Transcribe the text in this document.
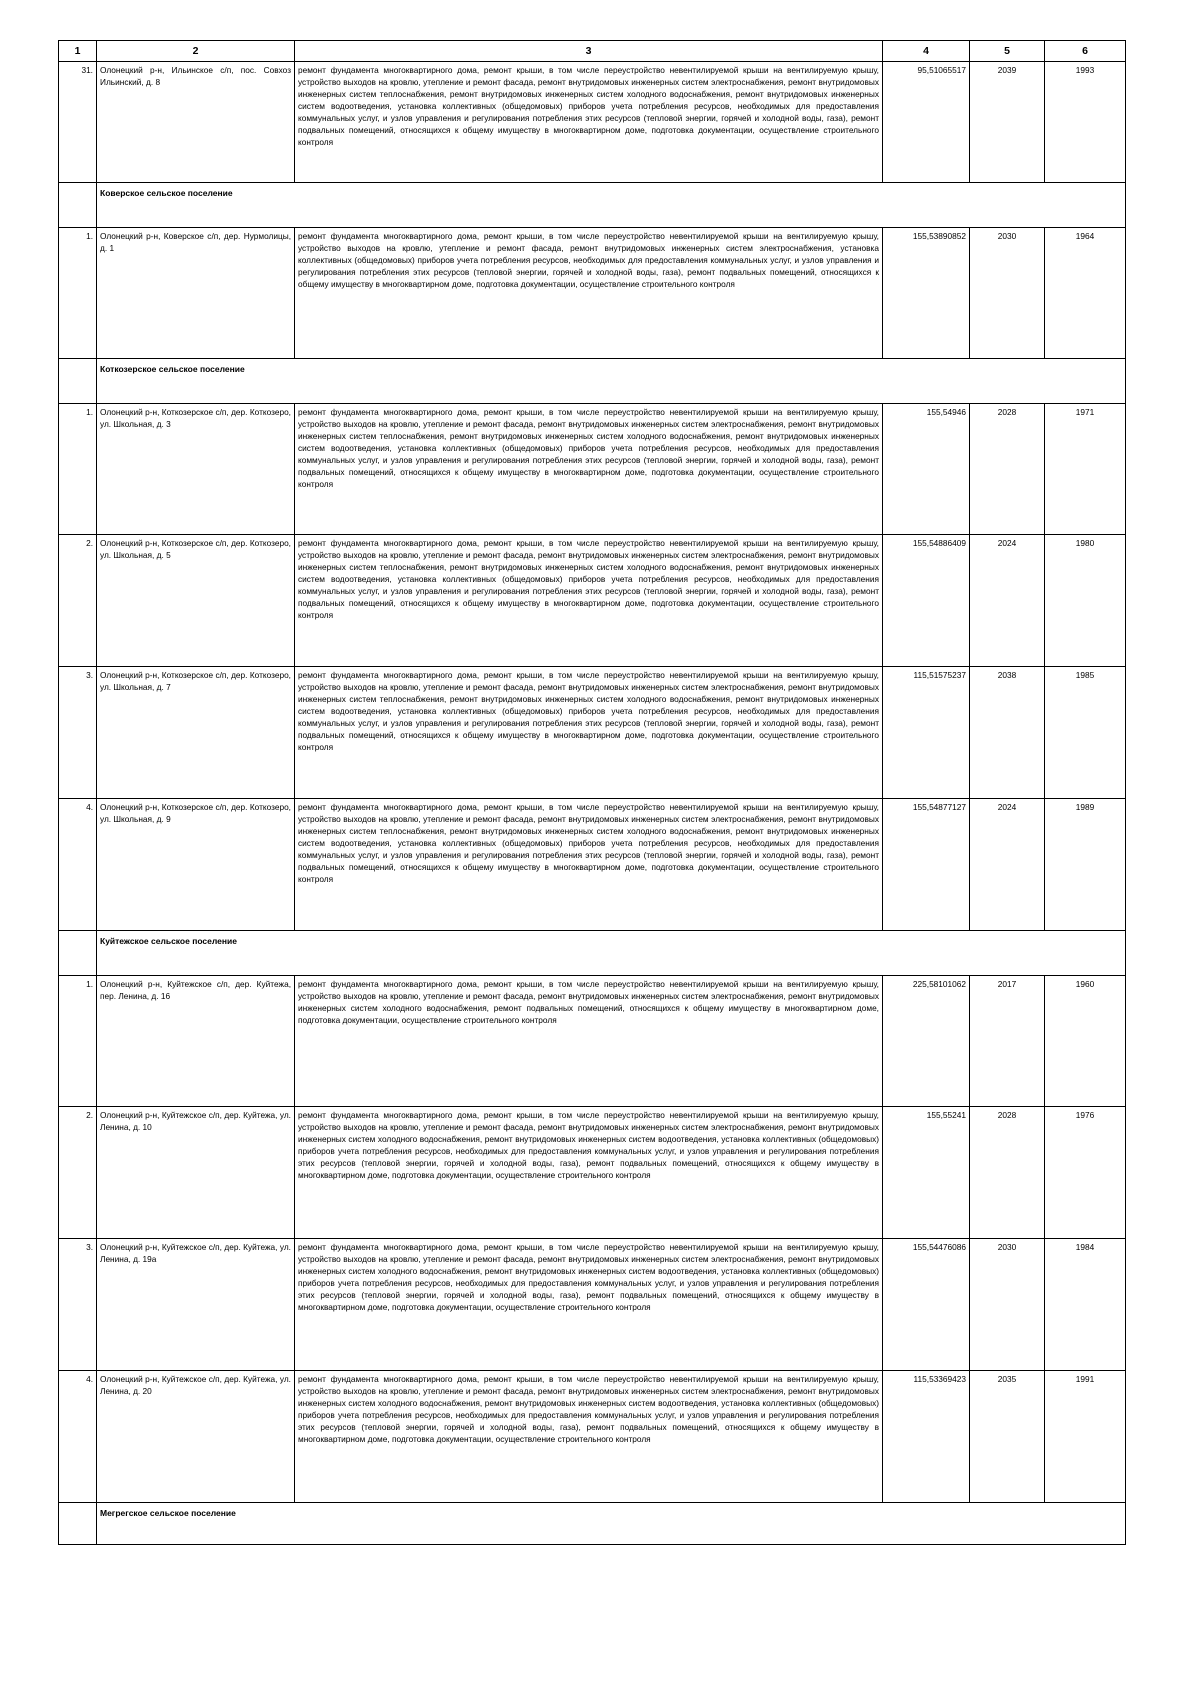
1	2	3	4	5	6
31.	Олонецкий р-н, Ильинское с/п, пос. Совхоз Ильинский, д. 8	ремонт фундамента многоквартирного дома, ремонт крыши, в том числе переустройство невентилируемой крыши на вентилируемую крышу, устройство выходов на кровлю, утепление и ремонт фасада, ремонт внутридомовых инженерных систем электроснабжения, ремонт внутридомовых инженерных систем теплоснабжения, ремонт внутридомовых инженерных систем холодного водоснабжения, ремонт внутридомовых инженерных систем водоотведения, установка коллективных (общедомовых) приборов учета потребления ресурсов, необходимых для предоставления коммунальных услуг, и узлов управления и регулирования потребления этих ресурсов (тепловой энергии, горячей и холодной воды, газа), ремонт подвальных помещений, относящихся к общему имуществу в многоквартирном доме, подготовка документации, осуществление строительного контроля	95,51065517	2039	1993
	Коверское сельское поселение				
1.	Олонецкий р-н, Коверское с/п, дер. Нурмолицы, д. 1	ремонт фундамента многоквартирного дома, ремонт крыши, в том числе переустройство невентилируемой крыши на вентилируемую крышу, устройство выходов на кровлю, утепление и ремонт фасада, ремонт внутридомовых инженерных систем электроснабжения, установка коллективных (общедомовых) приборов учета потребления ресурсов, необходимых для предоставления коммунальных услуг, и узлов управления и регулирования потребления этих ресурсов (тепловой энергии, горячей и холодной воды, газа), ремонт подвальных помещений, относящихся к общему имуществу в многоквартирном доме, подготовка документации, осуществление строительного контроля	155,53890852	2030	1964
	Коткозерское сельское поселение				
1.	Олонецкий р-н, Коткозерское с/п, дер. Коткозеро, ул. Школьная, д. 3	ремонт фундамента многоквартирного дома, ремонт крыши, в том числе переустройство невентилируемой крыши на вентилируемую крышу, устройство выходов на кровлю, утепление и ремонт фасада, ремонт внутридомовых инженерных систем электроснабжения, ремонт внутридомовых инженерных систем теплоснабжения, ремонт внутридомовых инженерных систем холодного водоснабжения, ремонт внутридомовых инженерных систем водоотведения, установка коллективных (общедомовых) приборов учета потребления ресурсов, необходимых для предоставления коммунальных услуг, и узлов управления и регулирования потребления этих ресурсов (тепловой энергии, горячей и холодной воды, газа), ремонт подвальных помещений, относящихся к общему имуществу в многоквартирном доме, подготовка документации, осуществление строительного контроля	155,54946	2028	1971
2.	Олонецкий р-н, Коткозерское с/п, дер. Коткозеро, ул. Школьная, д. 5	ремонт фундамента многоквартирного дома, ремонт крыши, в том числе переустройство невентилируемой крыши на вентилируемую крышу, устройство выходов на кровлю, утепление и ремонт фасада, ремонт внутридомовых инженерных систем электроснабжения, ремонт внутридомовых инженерных систем теплоснабжения, ремонт внутридомовых инженерных систем холодного водоснабжения, ремонт внутридомовых инженерных систем водоотведения, установка коллективных (общедомовых) приборов учета потребления ресурсов, необходимых для предоставления коммунальных услуг, и узлов управления и регулирования потребления этих ресурсов (тепловой энергии, горячей и холодной воды, газа), ремонт подвальных помещений, относящихся к общему имуществу в многоквартирном доме, подготовка документации, осуществление строительного контроля	155,54886409	2024	1980
3.	Олонецкий р-н, Коткозерское с/п, дер. Коткозеро, ул. Школьная, д. 7	ремонт фундамента многоквартирного дома, ремонт крыши, в том числе переустройство невентилируемой крыши на вентилируемую крышу, устройство выходов на кровлю, утепление и ремонт фасада, ремонт внутридомовых инженерных систем электроснабжения, ремонт внутридомовых инженерных систем теплоснабжения, ремонт внутридомовых инженерных систем холодного водоснабжения, ремонт внутридомовых инженерных систем водоотведения, установка коллективных (общедомовых) приборов учета потребления ресурсов, необходимых для предоставления коммунальных услуг, и узлов управления и регулирования потребления этих ресурсов (тепловой энергии, горячей и холодной воды, газа), ремонт подвальных помещений, относящихся к общему имуществу в многоквартирном доме, подготовка документации, осуществление строительного контроля	115,51575237	2038	1985
4.	Олонецкий р-н, Коткозерское с/п, дер. Коткозеро, ул. Школьная, д. 9	ремонт фундамента многоквартирного дома, ремонт крыши, в том числе переустройство невентилируемой крыши на вентилируемую крышу, устройство выходов на кровлю, утепление и ремонт фасада, ремонт внутридомовых инженерных систем электроснабжения, ремонт внутридомовых инженерных систем теплоснабжения, ремонт внутридомовых инженерных систем холодного водоснабжения, ремонт внутридомовых инженерных систем водоотведения, установка коллективных (общедомовых) приборов учета потребления ресурсов, необходимых для предоставления коммунальных услуг, и узлов управления и регулирования потребления этих ресурсов (тепловой энергии, горячей и холодной воды, газа), ремонт подвальных помещений, относящихся к общему имуществу в многоквартирном доме, подготовка документации, осуществление строительного контроля	155,54877127	2024	1989
	Куйтежское сельское поселение				
1.	Олонецкий р-н, Куйтежское с/п, дер. Куйтежа, пер. Ленина, д. 16	ремонт фундамента многоквартирного дома, ремонт крыши, в том числе переустройство невентилируемой крыши на вентилируемую крышу, устройство выходов на кровлю, утепление и ремонт фасада, ремонт внутридомовых инженерных систем электроснабжения, ремонт внутридомовых инженерных систем холодного водоснабжения, ремонт подвальных помещений, относящихся к общему имуществу в многоквартирном доме, подготовка документации, осуществление строительного контроля	225,58101062	2017	1960
2.	Олонецкий р-н, Куйтежское с/п, дер. Куйтежа, ул. Ленина, д. 10	ремонт фундамента многоквартирного дома, ремонт крыши, в том числе переустройство невентилируемой крыши на вентилируемую крышу, устройство выходов на кровлю, утепление и ремонт фасада, ремонт внутридомовых инженерных систем электроснабжения, ремонт внутридомовых инженерных систем холодного водоснабжения, ремонт внутридомовых инженерных систем водоотведения, установка коллективных (общедомовых) приборов учета потребления ресурсов, необходимых для предоставления коммунальных услуг, и узлов управления и регулирования потребления этих ресурсов (тепловой энергии, горячей и холодной воды, газа), ремонт подвальных помещений, относящихся к общему имуществу в многоквартирном доме, подготовка документации, осуществление строительного контроля	155,55241	2028	1976
3.	Олонецкий р-н, Куйтежское с/п, дер. Куйтежа, ул. Ленина, д. 19а	ремонт фундамента многоквартирного дома, ремонт крыши, в том числе переустройство невентилируемой крыши на вентилируемую крышу, устройство выходов на кровлю, утепление и ремонт фасада, ремонт внутридомовых инженерных систем электроснабжения, ремонт внутридомовых инженерных систем холодного водоснабжения, ремонт внутридомовых инженерных систем водоотведения, установка коллективных (общедомовых) приборов учета потребления ресурсов, необходимых для предоставления коммунальных услуг, и узлов управления и регулирования потребления этих ресурсов (тепловой энергии, горячей и холодной воды, газа), ремонт подвальных помещений, относящихся к общему имуществу в многоквартирном доме, подготовка документации, осуществление строительного контроля	155,54476086	2030	1984
4.	Олонецкий р-н, Куйтежское с/п, дер. Куйтежа, ул. Ленина, д. 20	ремонт фундамента многоквартирного дома, ремонт крыши, в том числе переустройство невентилируемой крыши на вентилируемую крышу, устройство выходов на кровлю, утепление и ремонт фасада, ремонт внутридомовых инженерных систем электроснабжения, ремонт внутридомовых инженерных систем холодного водоснабжения, ремонт внутридомовых инженерных систем водоотведения, установка коллективных (общедомовых) приборов учета потребления ресурсов, необходимых для предоставления коммунальных услуг, и узлов управления и регулирования потребления этих ресурсов (тепловой энергии, горячей и холодной воды, газа), ремонт подвальных помещений, относящихся к общему имуществу в многоквартирном доме, подготовка документации, осуществление строительного контроля	115,53369423	2035	1991
	Мегрегское сельское поселение				
